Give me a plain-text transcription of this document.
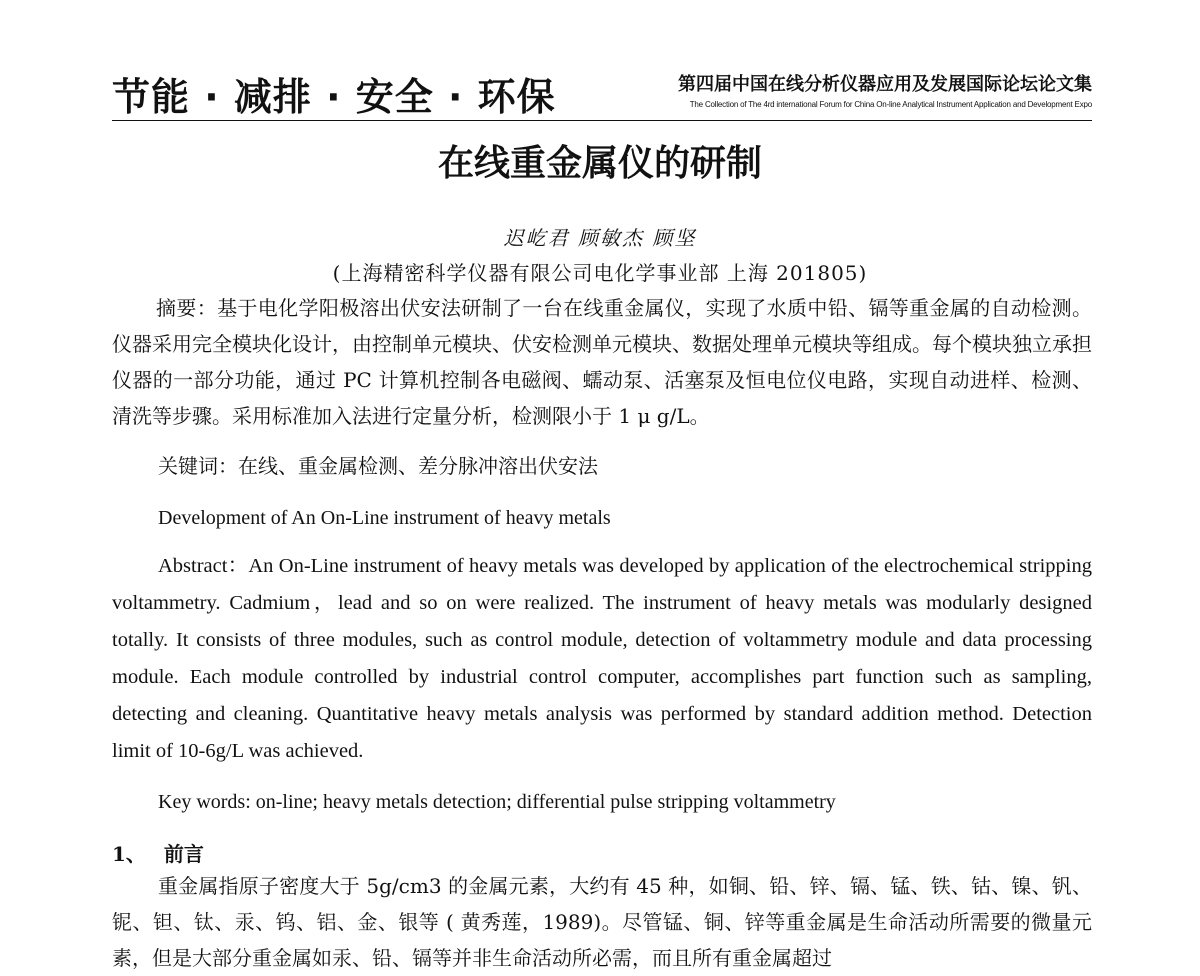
节能 · 减排 · 安全 · 环保	第四届中国在线分析仪器应用及发展国际论坛论文集
The Collection of The 4rd international Forum for China On-line Analytical Instrument Application and Development Expo
在线重金属仪的研制
迟屹君 顾敏杰 顾坚
(上海精密科学仪器有限公司电化学事业部 上海 201805)
摘要：基于电化学阳极溶出伏安法研制了一台在线重金属仪，实现了水质中铅、镉等重金属的自动检测。仪器采用完全模块化设计，由控制单元模块、伏安检测单元模块、数据处理单元模块等组成。每个模块独立承担仪器的一部分功能，通过 PC 计算机控制各电磁阀、蠕动泵、活塞泵及恒电位仪电路，实现自动进样、检测、清洗等步骤。采用标准加入法进行定量分析，检测限小于 1 μ g/L。
关键词：在线、重金属检测、差分脉冲溶出伏安法
Development of An On-Line instrument of heavy metals
Abstract：An On-Line instrument of heavy metals was developed by application of the electrochemical stripping voltammetry. Cadmium，lead and so on were realized. The instrument of heavy metals was modularly designed totally. It consists of three modules, such as control module, detection of voltammetry module and data processing module. Each module controlled by industrial control computer, accomplishes part function such as sampling, detecting and cleaning. Quantitative heavy metals analysis was performed by standard addition method. Detection limit of 10-6g/L was achieved.
Key words: on-line; heavy metals detection; differential pulse stripping voltammetry
1、 前言
重金属指原子密度大于 5g/cm3 的金属元素，大约有 45 种，如铜、铅、锌、镉、锰、铁、钴、镍、钒、铌、钽、钛、汞、钨、铝、金、银等 ( 黄秀莲，1989)。尽管锰、铜、锌等重金属是生命活动所需要的微量元素，但是大部分重金属如汞、铅、镉等并非生命活动所必需，而且所有重金属超过
